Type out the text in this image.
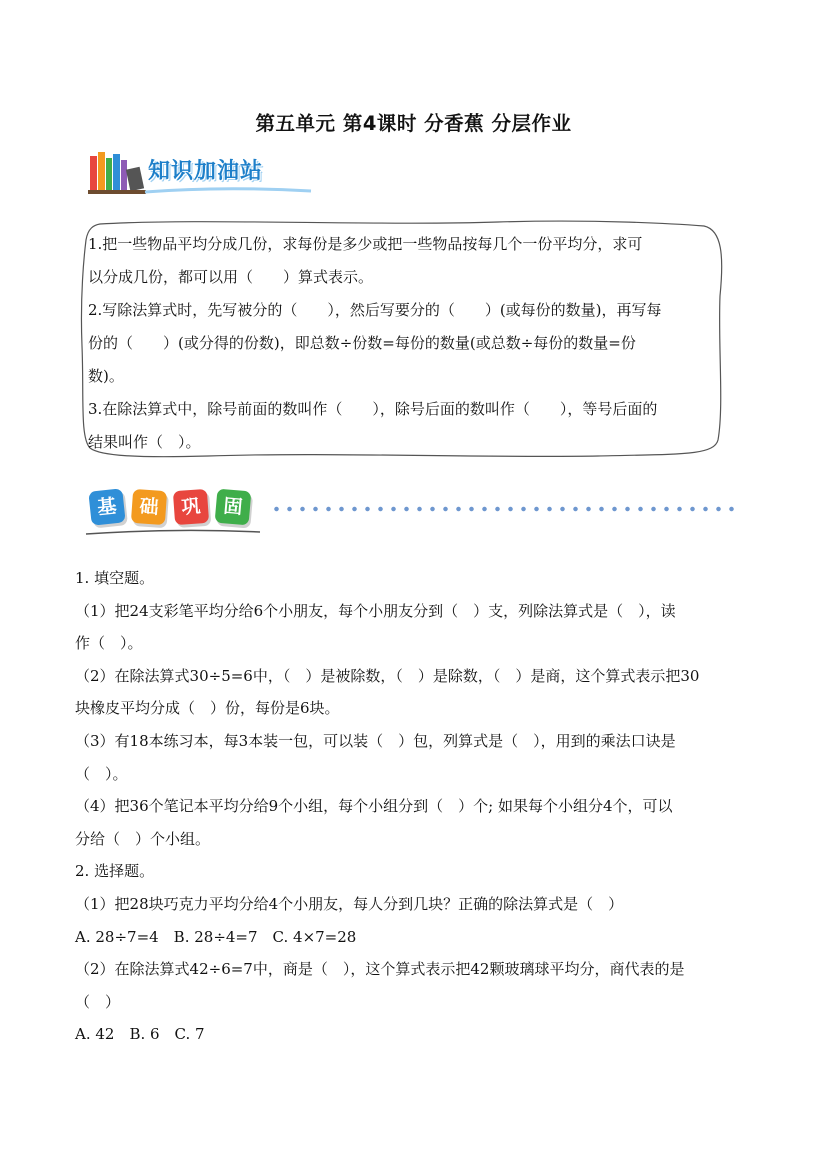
第五单元 第4课时 分香蕉 分层作业
知识加油站

1.把一些物品平均分成几份，求每份是多少或把一些物品按每几个一份平均分，求可

以分成几份，都可以用（　　）算式表示。

2.写除法算式时，先写被分的（　　），然后写要分的（　　）(或每份的数量)，再写每

份的（　　）(或分得的份数)，即总数÷份数=每份的数量(或总数÷每份的数量=份

数)。

3.在除法算式中，除号前面的数叫作（　　），除号后面的数叫作（　　），等号后面的

结果叫作（　）。

基	础	巩	固

1. 填空题。

（1）把24支彩笔平均分给6个小朋友，每个小朋友分到（　）支，列除法算式是（　），读

作（　）。

（2）在除法算式30÷5=6中，（　）是被除数，（　）是除数，（　）是商，这个算式表示把30

块橡皮平均分成（　）份，每份是6块。

（3）有18本练习本，每3本装一包，可以装（　）包，列算式是（　），用到的乘法口诀是

（　）。

（4）把36个笔记本平均分给9个小组，每个小组分到（　）个; 如果每个小组分4个，可以

分给（　）个小组。

2. 选择题。

（1）把28块巧克力平均分给4个小朋友，每人分到几块？正确的除法算式是（　）

A. 28÷7=4　B. 28÷4=7　C. 4×7=28

（2）在除法算式42÷6=7中，商是（　），这个算式表示把42颗玻璃球平均分，商代表的是

（　）

A. 42　B. 6　C. 7
